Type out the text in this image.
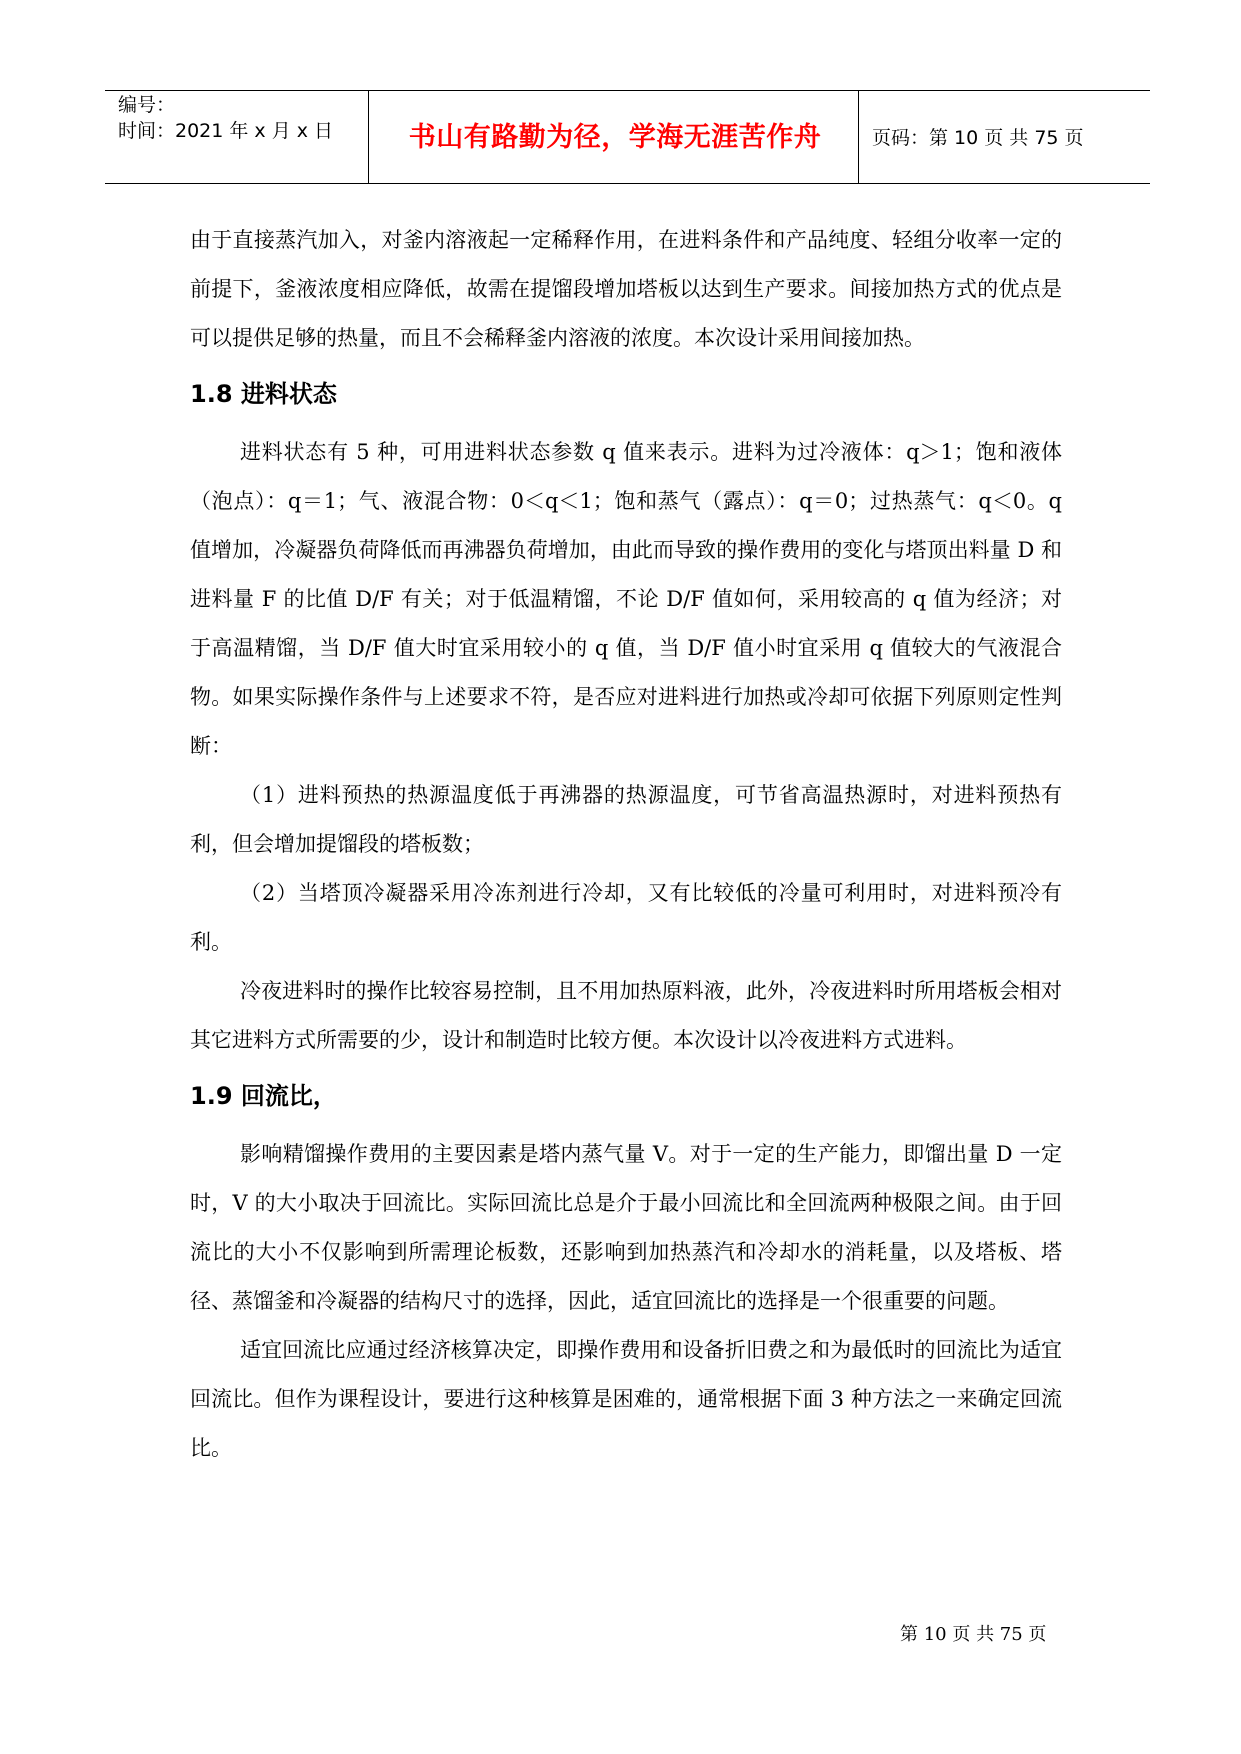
编号：
时间：2021 年 x 月 x 日	书山有路勤为径，学海无涯苦作舟	页码：第 10 页 共 75 页

由于直接蒸汽加入，对釜内溶液起一定稀释作用，在进料条件和产品纯度、轻组分收率一定的前提下，釜液浓度相应降低，故需在提馏段增加塔板以达到生产要求。间接加热方式的优点是可以提供足够的热量，而且不会稀释釜内溶液的浓度。本次设计采用间接加热。

1.8 进料状态

进料状态有 5 种，可用进料状态参数 q 值来表示。进料为过冷液体：q＞1；饱和液体（泡点）：q＝1；气、液混合物：0＜q＜1；饱和蒸气（露点）：q＝0；过热蒸气：q＜0。q 值增加，冷凝器负荷降低而再沸器负荷增加，由此而导致的操作费用的变化与塔顶出料量 D 和进料量 F 的比值 D/F 有关；对于低温精馏，不论 D/F 值如何，采用较高的 q 值为经济；对于高温精馏，当 D/F 值大时宜采用较小的 q 值，当 D/F 值小时宜采用 q 值较大的气液混合物。如果实际操作条件与上述要求不符，是否应对进料进行加热或冷却可依据下列原则定性判断：

（1）进料预热的热源温度低于再沸器的热源温度，可节省高温热源时，对进料预热有利，但会增加提馏段的塔板数；

（2）当塔顶冷凝器采用冷冻剂进行冷却，又有比较低的冷量可利用时，对进料预冷有利。

冷夜进料时的操作比较容易控制，且不用加热原料液，此外，冷夜进料时所用塔板会相对其它进料方式所需要的少，设计和制造时比较方便。本次设计以冷夜进料方式进料。

1.9 回流比，

影响精馏操作费用的主要因素是塔内蒸气量 V。对于一定的生产能力，即馏出量 D 一定时，V 的大小取决于回流比。实际回流比总是介于最小回流比和全回流两种极限之间。由于回流比的大小不仅影响到所需理论板数，还影响到加热蒸汽和冷却水的消耗量，以及塔板、塔径、蒸馏釜和冷凝器的结构尺寸的选择，因此，适宜回流比的选择是一个很重要的问题。

适宜回流比应通过经济核算决定，即操作费用和设备折旧费之和为最低时的回流比为适宜回流比。但作为课程设计，要进行这种核算是困难的，通常根据下面 3 种方法之一来确定回流比。

第 10 页 共 75 页
